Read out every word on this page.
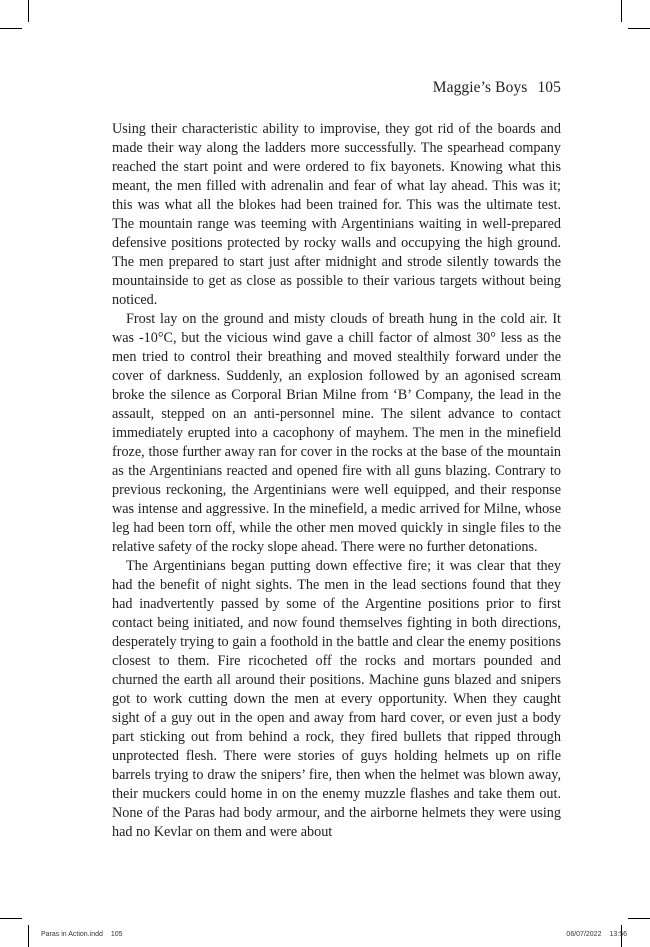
Maggie’s Boys 105

Using their characteristic ability to improvise, they got rid of the boards and made their way along the ladders more successfully. The spearhead company reached the start point and were ordered to fix bayonets. Knowing what this meant, the men filled with adrenalin and fear of what lay ahead. This was it; this was what all the blokes had been trained for. This was the ultimate test. The mountain range was teeming with Argentinians waiting in well-prepared defensive positions protected by rocky walls and occupying the high ground. The men prepared to start just after midnight and strode silently towards the mountainside to get as close as possible to their various targets without being noticed.

Frost lay on the ground and misty clouds of breath hung in the cold air. It was -10°C, but the vicious wind gave a chill factor of almost 30° less as the men tried to control their breathing and moved stealthily forward under the cover of darkness. Suddenly, an explosion followed by an agonised scream broke the silence as Corporal Brian Milne from ‘B’ Company, the lead in the assault, stepped on an anti-personnel mine. The silent advance to contact immediately erupted into a cacophony of mayhem. The men in the minefield froze, those further away ran for cover in the rocks at the base of the mountain as the Argentinians reacted and opened fire with all guns blazing. Contrary to previous reckoning, the Argentinians were well equipped, and their response was intense and aggressive. In the minefield, a medic arrived for Milne, whose leg had been torn off, while the other men moved quickly in single files to the relative safety of the rocky slope ahead. There were no further detonations.

The Argentinians began putting down effective fire; it was clear that they had the benefit of night sights. The men in the lead sections found that they had inadvertently passed by some of the Argentine positions prior to first contact being initiated, and now found themselves fighting in both directions, desperately trying to gain a foothold in the battle and clear the enemy positions closest to them. Fire ricocheted off the rocks and mortars pounded and churned the earth all around their positions. Machine guns blazed and snipers got to work cutting down the men at every opportunity. When they caught sight of a guy out in the open and away from hard cover, or even just a body part sticking out from behind a rock, they fired bullets that ripped through unprotected flesh. There were stories of guys holding helmets up on rifle barrels trying to draw the snipers’ fire, then when the helmet was blown away, their muckers could home in on the enemy muzzle flashes and take them out. None of the Paras had body armour, and the airborne helmets they were using had no Kevlar on them and were about

Paras in Action.indd 105	06/07/2022 13:56
